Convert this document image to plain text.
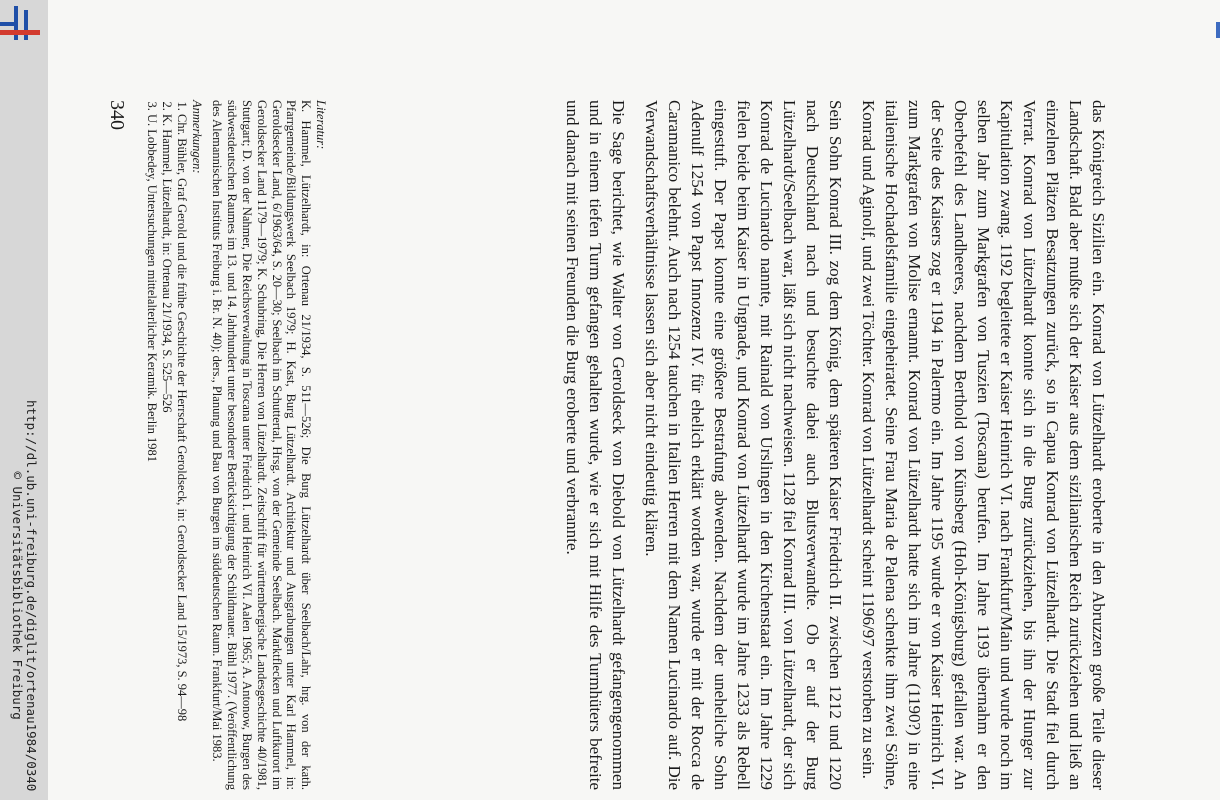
http://dl.ub.uni-freiburg.de/diglit/ortenau1984/0340
© Universitätsbibliothek Freiburg	das Königreich Sizilien ein. Konrad von Lützelhardt eroberte in den Abruzzen große Teile dieser Landschaft. Bald aber mußte sich der Kaiser aus dem sizilianischen Reich zurückziehen und ließ an einzelnen Plätzen Besatzungen zurück, so in Capua Konrad von Lützelhardt. Die Stadt fiel durch Verrat. Konrad von Lützelhardt konnte sich in die Burg zurückziehen, bis ihn der Hunger zur Kapitulation zwang. 1192 begleitete er Kaiser Heinrich VI. nach Frankfurt/Main und wurde noch im selben Jahr zum Markgrafen von Tuszien (Toscana) berufen. Im Jahre 1193 übernahm er den Oberbefehl des Landheeres, nachdem Berthold von Künsberg (Hoh-Königsburg) gefallen war. An der Seite des Kaisers zog er 1194 in Palermo ein. Im Jahre 1195 wurde er von Kaiser Heinrich VI. zum Markgrafen von Molise ernannt. Konrad von Lützelhardt hatte sich im Jahre (1190?) in eine italienische Hochadelsfamilie eingeheiratet. Seine Frau Maria de Palena schenkte ihm zwei Söhne, Konrad und Aginolf, und zwei Töchter. Konrad von Lützelhardt scheint 1196/97 verstorben zu sein.

Sein Sohn Konrad III. zog dem König, dem späteren Kaiser Friedrich II. zwischen 1212 und 1220 nach Deutschland nach und besuchte dabei auch Blutsverwandte. Ob er auf der Burg Lützelhardt/Seelbach war, läßt sich nicht nachweisen. 1128 fiel Konrad III. von Lützelhardt, der sich Konrad de Lucinardo nannte, mit Rainald von Urslingen in den Kirchenstaat ein. Im Jahre 1229 fielen beide beim Kaiser in Ungnade, und Konrad von Lützelhardt wurde im Jahre 1233 als Rebell eingestuft. Der Papst konnte eine größere Bestrafung abwenden. Nachdem der uneheliche Sohn Adenulf 1254 von Papst Innozenz IV. für ehelich erklärt worden war, wurde er mit der Rocca de Caramanico belehnt. Auch nach 1254 tauchen in Italien Herren mit dem Namen Lucinardo auf. Die Verwandschaftsverhältnisse lassen sich aber nicht eindeutig klären.

Die Sage berichtet, wie Walter von Geroldseck von Diebold von Lützelhardt gefangengenommen und in einem tiefen Turm gefangen gehalten wurde, wie er sich mit Hilfe des Turmhüters befreite und danach mit seinen Freunden die Burg eroberte und verbrannte.

Literatur:

K. Hammel, Lützelhardt, in: Ortenau 21/1934, S. 511—526; Die Burg Lützelhardt über Seelbach/Lahr, hrg. von der kath. Pfarrgemeinde/Bildungswerk Seelbach 1979; H. Kast, Burg Lützelhardt. Architektur und Ausgrabungen unter Karl Hammel, in: Geroldsecker Land, 6/1963/64, S. 20—30; Seelbach im Schuttertal, Hrsg. von der Gemeinde Seelbach. Marktflecken und Luftkurort im Geroldsecker Land 1179—1979; K. Schubring, Die Herren von Lützelhardt. Zeitschrift für württembergische Landesgeschichte 40/1981, Stuttgart; D. von der Nahmer, Die Reichsverwaltung in Toscana unter Friedrich I. und Heinrich VI. Aalen 1965; A. Antonow, Burgen des südwestdeutschen Raumes im 13. und 14. Jahrhundert unter besonderer Berücksichtigung der Schildmauer. Bühl 1977. (Veröffentlichung des Alemannischen Instituts Freiburg i. Br. N. 40); ders., Planung und Bau von Burgen im süddeutschen Raum. Frankfurt/Mai 1983.

Anmerkungen:

1. Chr. Bühler, Graf Gerold und die frühe Geschichte der Herrschaft Geroldseck, in: Geroldsecker Land 15/1973, S. 94—98
2. K. Hammel, Lützelhardt, in: Ortenau 21/1934, S. 525—526
3. U. Lobbedey, Untersuchungen mittelalterlicher Keramik. Berlin 1981
340
